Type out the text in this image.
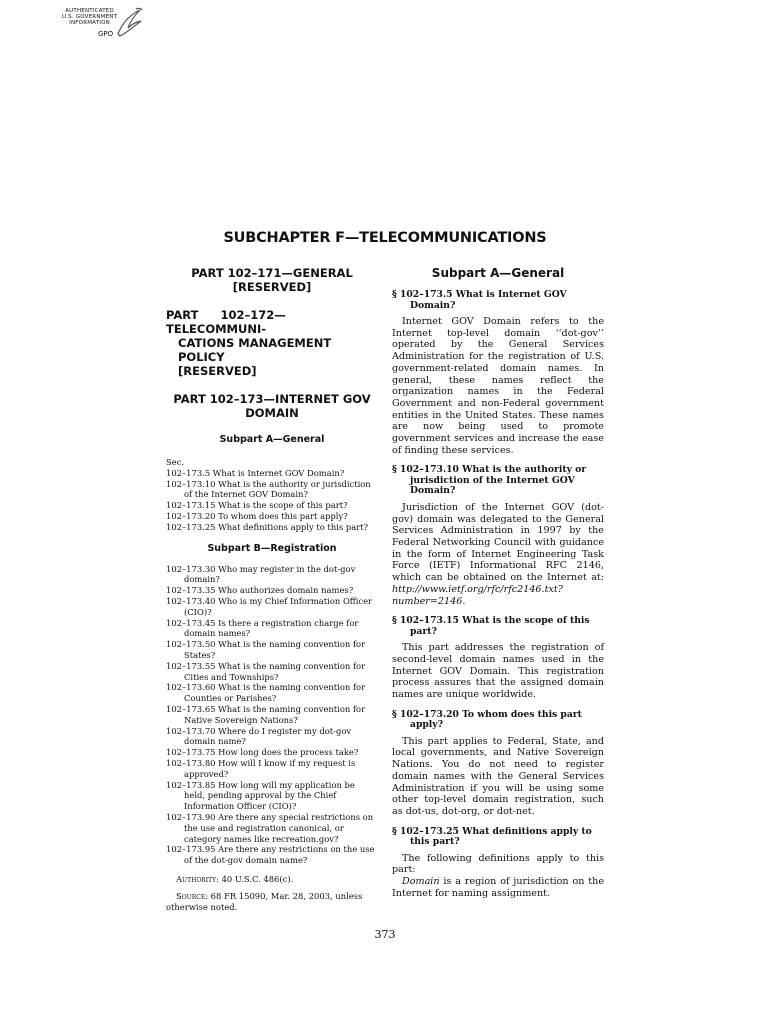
AUTHENTICATED
U.S. GOVERNMENT
INFORMATION
GPO
SUBCHAPTER F—TELECOMMUNICATIONS
PART 102–171—GENERAL
[RESERVED]
PART 102–172—TELECOMMUNI-
CATIONS MANAGEMENT POLICY
[RESERVED]
PART 102–173—INTERNET GOV
DOMAIN
Subpart A—General
Sec.
102–173.5 What is Internet GOV Domain?
102–173.10 What is the authority or jurisdiction of the Internet GOV Domain?
102–173.15 What is the scope of this part?
102–173.20 To whom does this part apply?
102–173.25 What definitions apply to this part?
Subpart B—Registration
102–173.30 Who may register in the dot-gov domain?
102–173.35 Who authorizes domain names?
102–173.40 Who is my Chief Information Officer (CIO)?
102–173.45 Is there a registration charge for domain names?
102–173.50 What is the naming convention for States?
102–173.55 What is the naming convention for Cities and Townships?
102–173.60 What is the naming convention for Counties or Parishes?
102–173.65 What is the naming convention for Native Sovereign Nations?
102–173.70 Where do I register my dot-gov domain name?
102–173.75 How long does the process take?
102–173.80 How will I know if my request is approved?
102–173.85 How long will my application be held, pending approval by the Chief Information Officer (CIO)?
102–173.90 Are there any special restrictions on the use and registration canonical, or category names like recreation.gov?
102–173.95 Are there any restrictions on the use of the dot-gov domain name?
Authority: 40 U.S.C. 486(c).
Source: 68 FR 15090, Mar. 28, 2003, unless otherwise noted.
Subpart A—General
§ 102–173.5 What is Internet GOV Domain?
Internet GOV Domain refers to the Internet top-level domain ‘‘dot-gov’’ operated by the General Services Administration for the registration of U.S. government-related domain names. In general, these names reflect the organization names in the Federal Government and non-Federal government entities in the United States. These names are now being used to promote government services and increase the ease of finding these services.
§ 102–173.10 What is the authority or jurisdiction of the Internet GOV Domain?
Jurisdiction of the Internet GOV (dot-gov) domain was delegated to the General Services Administration in 1997 by the Federal Networking Council with guidance in the form of Internet Engineering Task Force (IETF) Informational RFC 2146, which can be obtained on the Internet at: http://www.ietf.org/rfc/rfc2146.txt?number=2146.
§ 102–173.15 What is the scope of this part?
This part addresses the registration of second-level domain names used in the Internet GOV Domain. This registration process assures that the assigned domain names are unique worldwide.
§ 102–173.20 To whom does this part apply?
This part applies to Federal, State, and local governments, and Native Sovereign Nations. You do not need to register domain names with the General Services Administration if you will be using some other top-level domain registration, such as dot-us, dot-org, or dot-net.
§ 102–173.25 What definitions apply to this part?
The following definitions apply to this part:
Domain is a region of jurisdiction on the Internet for naming assignment.
373
